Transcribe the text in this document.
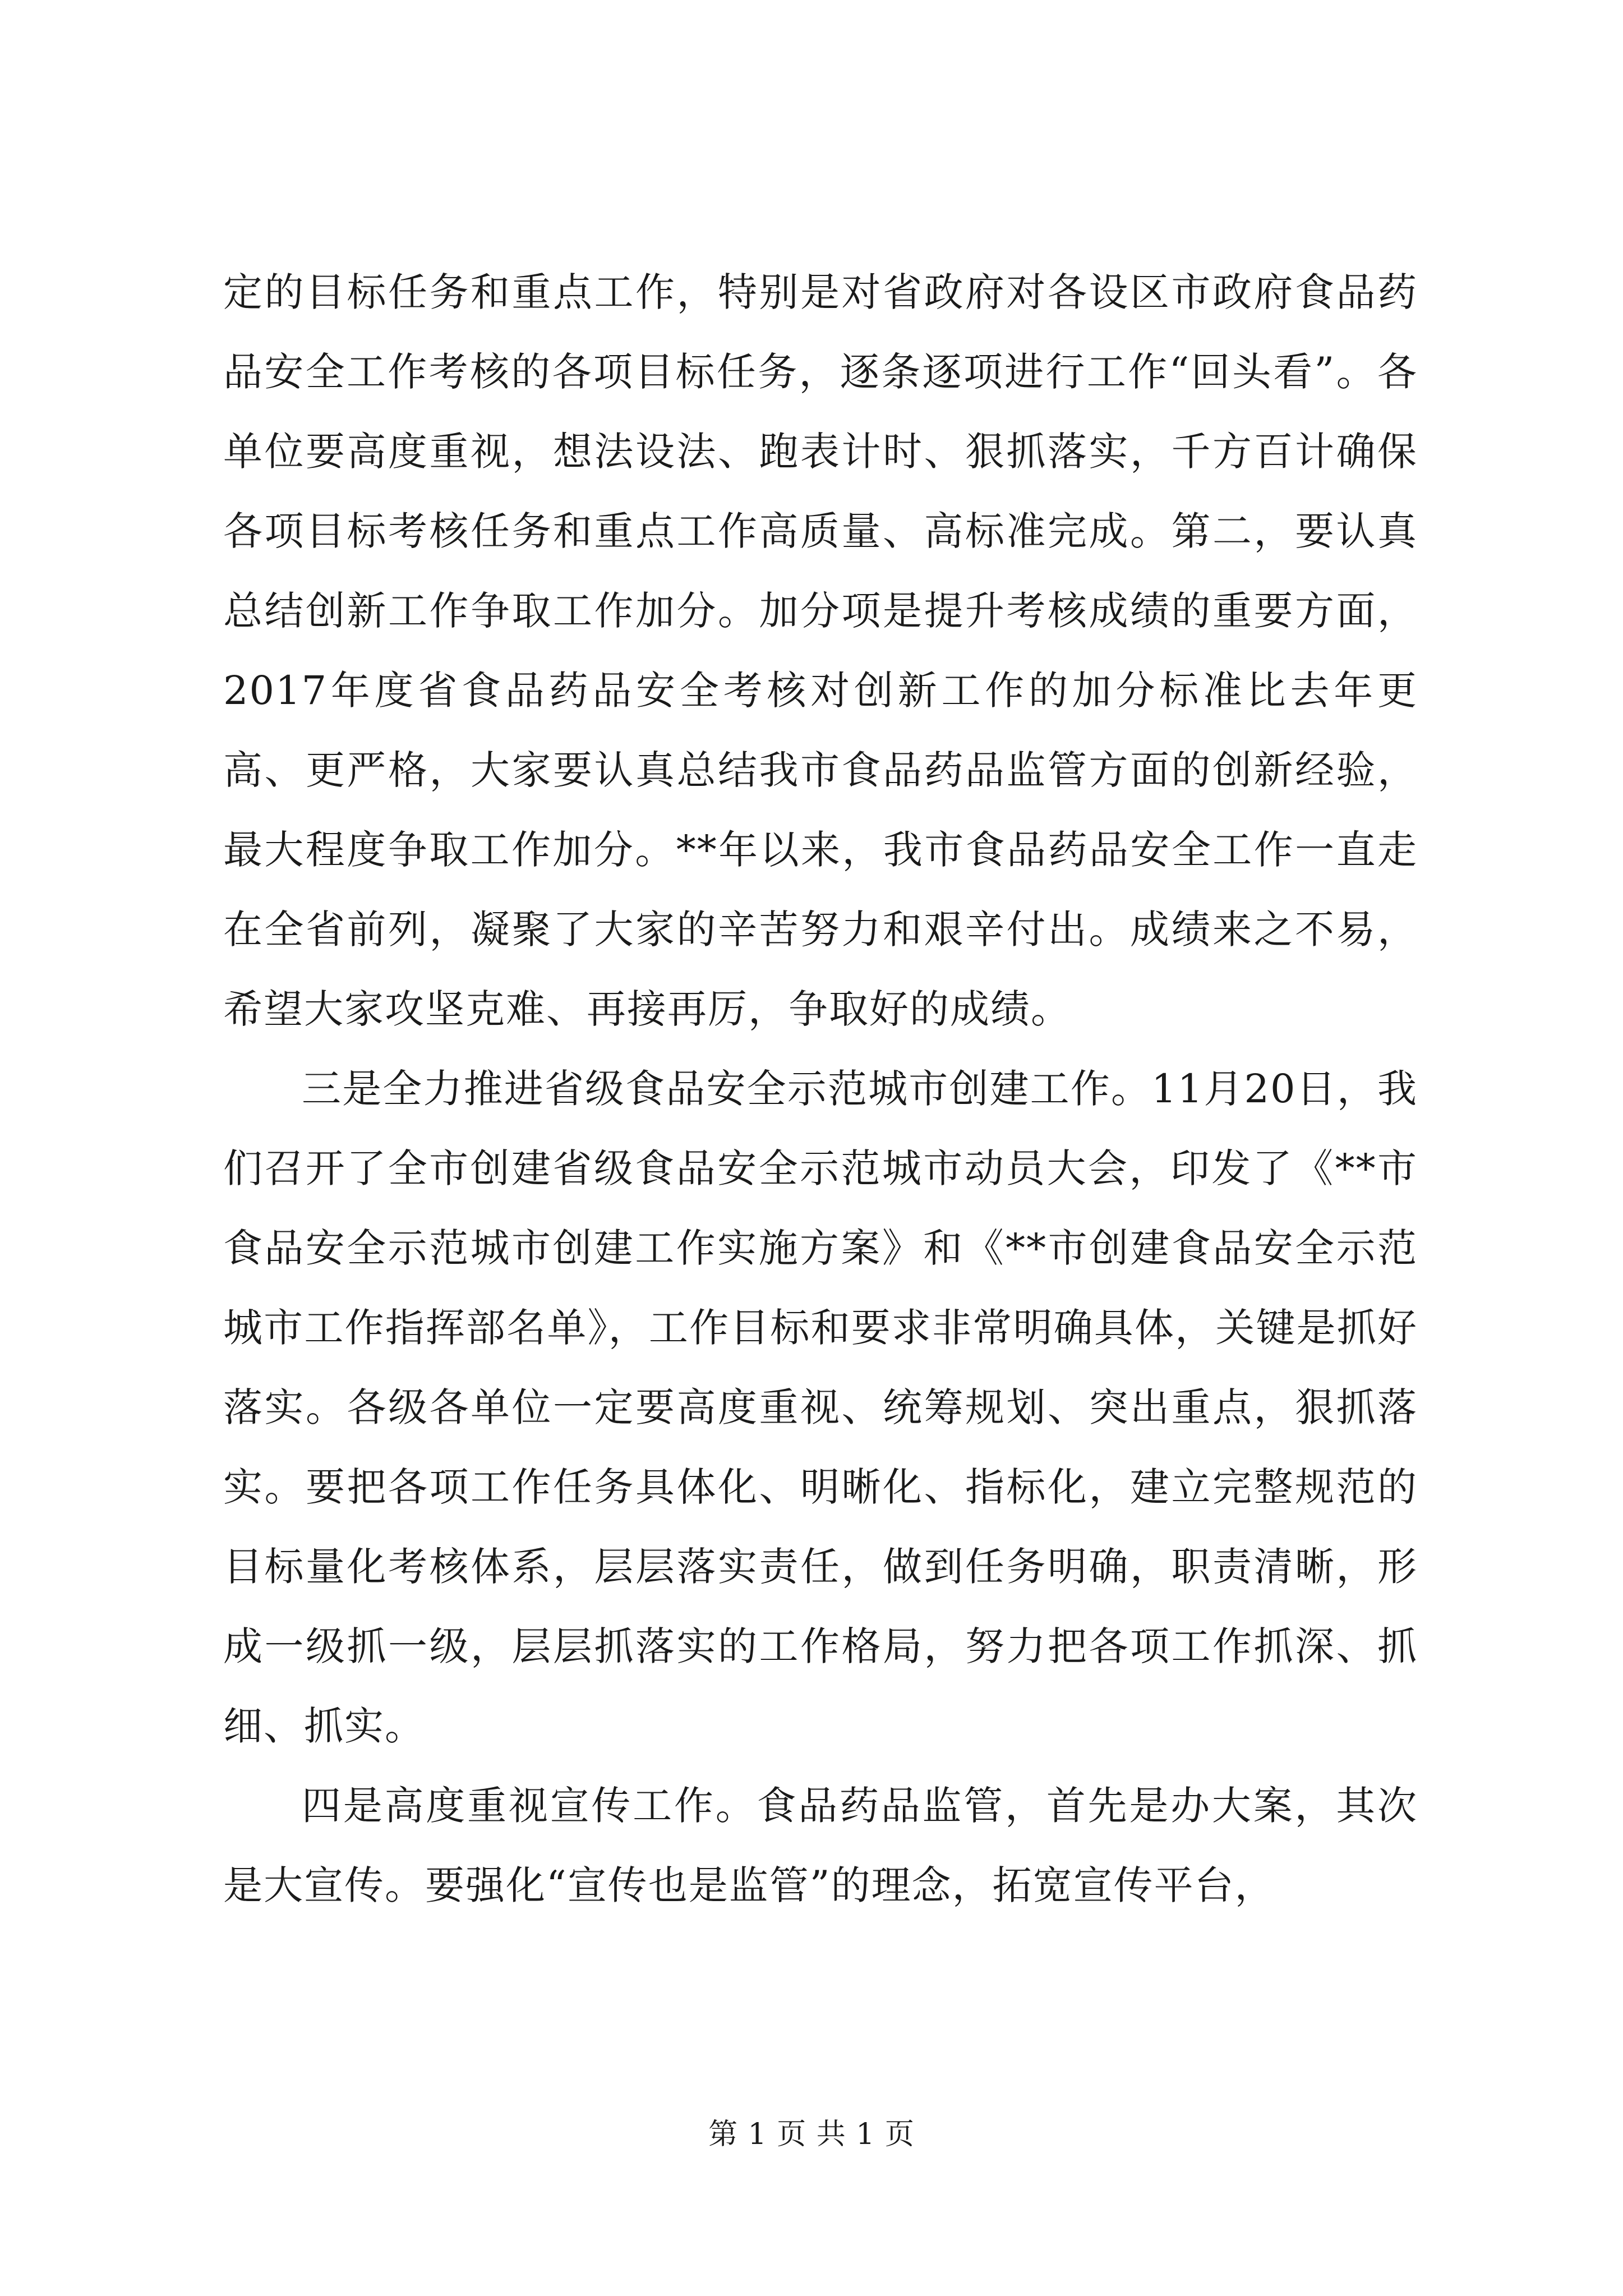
定的目标任务和重点工作，特别是对省政府对各设区市政府食品药品安全工作考核的各项目标任务，逐条逐项进行工作“回头看”。各单位要高度重视，想法设法、跑表计时、狠抓落实，千方百计确保各项目标考核任务和重点工作高质量、高标准完成。第二，要认真总结创新工作争取工作加分。加分项是提升考核成绩的重要方面，2017年度省食品药品安全考核对创新工作的加分标准比去年更高、更严格，大家要认真总结我市食品药品监管方面的创新经验，最大程度争取工作加分。**年以来，我市食品药品安全工作一直走在全省前列，凝聚了大家的辛苦努力和艰辛付出。成绩来之不易，希望大家攻坚克难、再接再厉，争取好的成绩。

三是全力推进省级食品安全示范城市创建工作。11月20日，我们召开了全市创建省级食品安全示范城市动员大会，印发了《**市食品安全示范城市创建工作实施方案》和《**市创建食品安全示范城市工作指挥部名单》，工作目标和要求非常明确具体，关键是抓好落实。各级各单位一定要高度重视、统筹规划、突出重点，狠抓落实。要把各项工作任务具体化、明晰化、指标化，建立完整规范的目标量化考核体系，层层落实责任，做到任务明确，职责清晰，形成一级抓一级，层层抓落实的工作格局，努力把各项工作抓深、抓细、抓实。

四是高度重视宣传工作。食品药品监管，首先是办大案，其次是大宣传。要强化“宣传也是监管”的理念，拓宽宣传平台，

第 1 页 共 1 页
